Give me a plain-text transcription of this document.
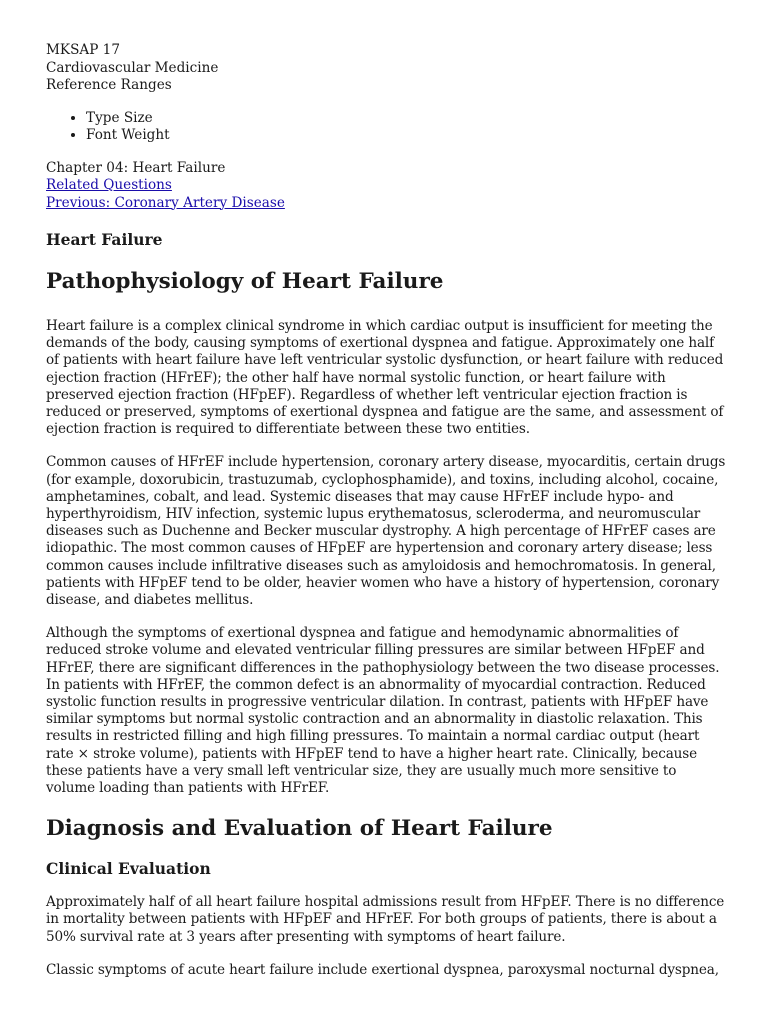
MKSAP 17

Cardiovascular Medicine

Reference Ranges

• Type Size
• Font Weight

Chapter 04: Heart Failure

Related Questions
Previous: Coronary Artery Disease
Heart Failure
Pathophysiology of Heart Failure

Heart failure is a complex clinical syndrome in which cardiac output is insufficient for meeting the demands of the body, causing symptoms of exertional dyspnea and fatigue. Approximately one half of patients with heart failure have left ventricular systolic dysfunction, or heart failure with reduced ejection fraction (HFrEF); the other half have normal systolic function, or heart failure with preserved ejection fraction (HFpEF). Regardless of whether left ventricular ejection fraction is reduced or preserved, symptoms of exertional dyspnea and fatigue are the same, and assessment of ejection fraction is required to differentiate between these two entities.

Common causes of HFrEF include hypertension, coronary artery disease, myocarditis, certain drugs (for example, doxorubicin, trastuzumab, cyclophosphamide), and toxins, including alcohol, cocaine, amphetamines, cobalt, and lead. Systemic diseases that may cause HFrEF include hypo- and hyperthyroidism, HIV infection, systemic lupus erythematosus, scleroderma, and neuromuscular diseases such as Duchenne and Becker muscular dystrophy. A high percentage of HFrEF cases are idiopathic. The most common causes of HFpEF are hypertension and coronary artery disease; less common causes include infiltrative diseases such as amyloidosis and hemochromatosis. In general, patients with HFpEF tend to be older, heavier women who have a history of hypertension, coronary disease, and diabetes mellitus.

Although the symptoms of exertional dyspnea and fatigue and hemodynamic abnormalities of reduced stroke volume and elevated ventricular filling pressures are similar between HFpEF and HFrEF, there are significant differences in the pathophysiology between the two disease processes. In patients with HFrEF, the common defect is an abnormality of myocardial contraction. Reduced systolic function results in progressive ventricular dilation. In contrast, patients with HFpEF have similar symptoms but normal systolic contraction and an abnormality in diastolic relaxation. This results in restricted filling and high filling pressures. To maintain a normal cardiac output (heart rate × stroke volume), patients with HFpEF tend to have a higher heart rate. Clinically, because these patients have a very small left ventricular size, they are usually much more sensitive to volume loading than patients with HFrEF.

Diagnosis and Evaluation of Heart Failure
Clinical Evaluation

Approximately half of all heart failure hospital admissions result from HFpEF. There is no difference in mortality between patients with HFpEF and HFrEF. For both groups of patients, there is about a 50% survival rate at 3 years after presenting with symptoms of heart failure.

Classic symptoms of acute heart failure include exertional dyspnea, paroxysmal nocturnal dyspnea,
